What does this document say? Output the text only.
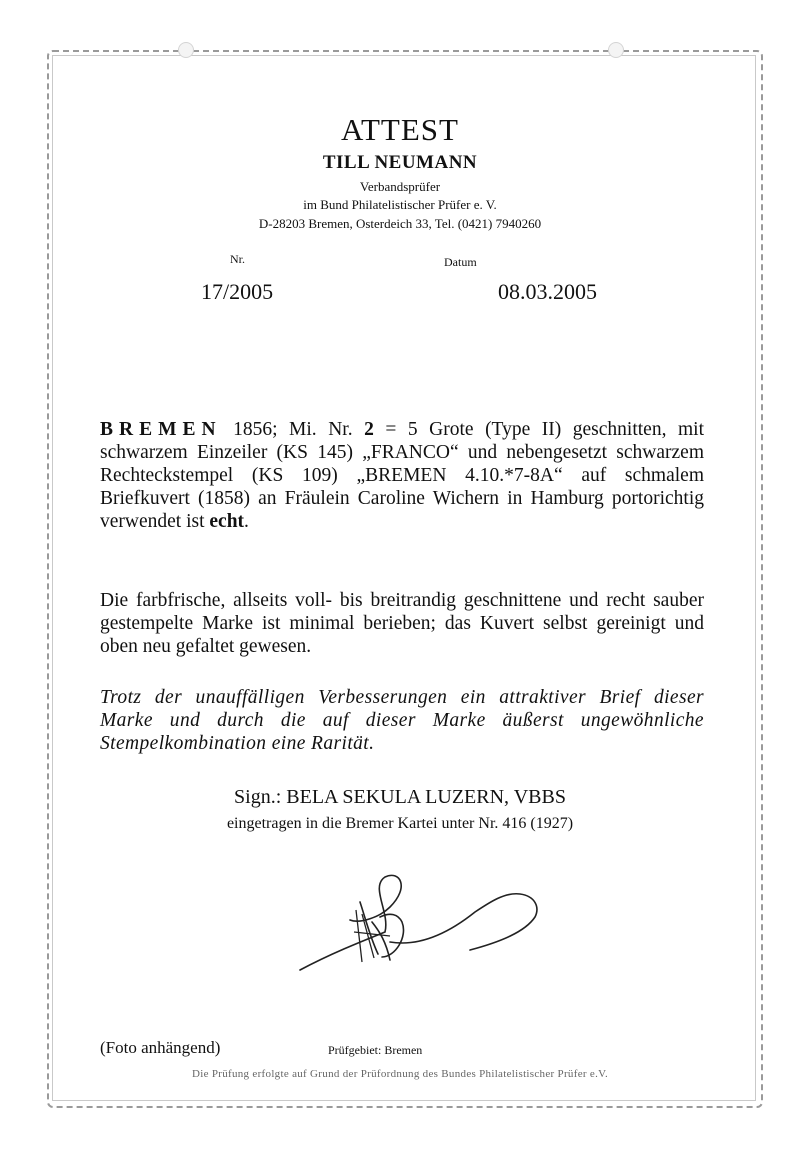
ATTEST
TILL NEUMANN
Verbandsprüfer
im Bund Philatelistischer Prüfer e. V.
D-28203 Bremen, Osterdeich 33, Tel. (0421) 7940260
Nr.	Datum
17/2005	08.03.2005
BREMEN 1856; Mi. Nr. 2 = 5 Grote (Type II) geschnitten, mit schwarzem Einzeiler (KS 145) „FRANCO“ und nebengesetzt schwarzem Rechteckstempel (KS 109) „BREMEN 4.10.*7-8A“ auf schmalem Briefkuvert (1858) an Fräulein Caroline Wichern in Hamburg portorichtig verwendet ist echt.
Die farbfrische, allseits voll- bis breitrandig geschnittene und recht sauber gestempelte Marke ist minimal berieben; das Kuvert selbst gereinigt und oben neu gefaltet gewesen.
Trotz der unauffälligen Verbesserungen ein attraktiver Brief dieser Marke und durch die auf dieser Marke äußerst ungewöhnliche Stempelkombination eine Rarität.
Sign.: BELA SEKULA LUZERN, VBBS
eingetragen in die Bremer Kartei unter Nr. 416 (1927)
(Foto anhängend)	Prüfgebiet: Bremen
Die Prüfung erfolgte auf Grund der Prüfordnung des Bundes Philatelistischer Prüfer e.V.
